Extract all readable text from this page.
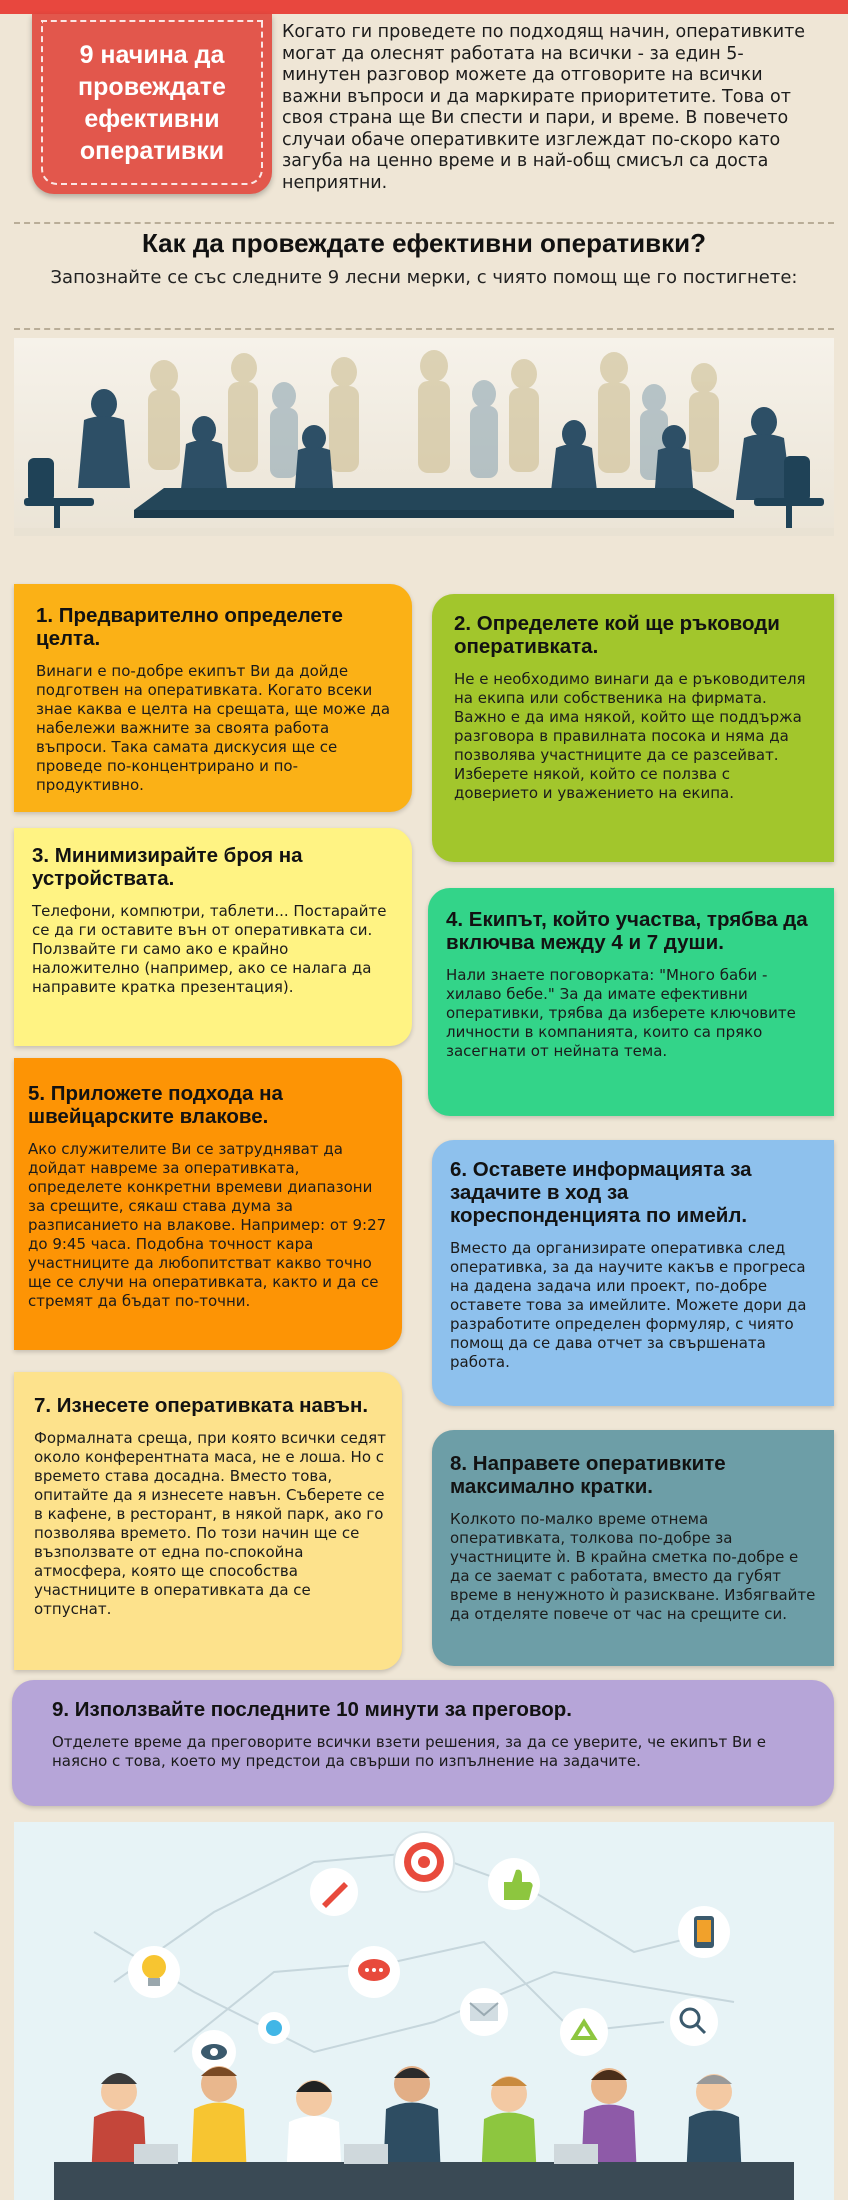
9 начина да провеждате ефективни оперативки
Когато ги проведете по подходящ начин, оперативките могат да олеснят работата на всички - за един 5-минутен разговор можете да отговорите на всички важни въпроси и да маркирате приоритетите. Това от своя страна ще Ви спести и пари, и време. В повечето случаи обаче оперативките изглеждат по-скоро като загуба на ценно време и в най-общ смисъл са доста неприятни.
Как да провеждате ефективни оперативки?
Запознайте се със следните 9 лесни мерки, с чиято помощ ще го постигнете:
1. Предварително определете целта.
Винаги е по-добре екипът Ви да дойде подготвен на оперативката. Когато всеки знае каква е целта на срещата, ще може да набележи важните за своята работа въпроси. Така самата дискусия ще се проведе по-концентрирано и по-продуктивно.
2. Определете кой ще ръководи оперативката.
Не е необходимо винаги да е ръководителя на екипа или собственика на фирмата. Важно е да има някой, който ще поддържа разговора в правилната посока и няма да позволява участниците да се разсейват. Изберете някой, който се ползва с доверието и уважението на екипа.
3. Минимизирайте броя на устройствата.
Телефони, компютри, таблети... Постарайте се да ги оставите вън от оперативката си. Ползвайте ги само ако е крайно наложително (например, ако се налага да направите кратка презентация).
4. Екипът, който участва, трябва да включва между 4 и 7 души.
Нали знаете поговорката: "Много баби - хилаво бебе." За да имате ефективни оперативки, трябва да изберете ключовите личности в компанията, които са пряко засегнати от нейната тема.
5. Приложете подхода на швейцарските влакове.
Ако служителите Ви се затрудняват да дойдат навреме за оперативката, определете конкретни времеви диапазони за срещите, сякаш става дума за разписанието на влакове. Например: от 9:27 до 9:45 часа. Подобна точност кара участниците да любопитстват какво точно ще се случи на оперативката, както и да се стремят да бъдат по-точни.
6. Оставете информацията за задачите в ход за кореспонденцията по имейл.
Вместо да организирате оперативка след оперативка, за да научите какъв е прогреса на дадена задача или проект, по-добре оставете това за имейлите. Можете дори да разработите определен формуляр, с чиято помощ да се дава отчет за свършената работа.
7. Изнесете оперативката навън.
Формалната среща, при която всички седят около конферентната маса, не е лоша. Но с времето става досадна. Вместо това, опитайте да я изнесете навън. Съберете се в кафене, в ресторант, в някой парк, ако го позволява времето. По този начин ще се възползвате от една по-спокойна атмосфера, която ще способства участниците в оперативката да се отпуснат.
8. Направете оперативките максимално кратки.
Колкото по-малко време отнема оперативката, толкова по-добре за участниците ѝ. В крайна сметка по-добре е да се заемат с работата, вместо да губят време в ненужното ѝ разискване. Избягвайте да отделяте повече от час на срещите си.
9. Използвайте последните 10 минути за преговор.
Отделете време да преговорите всички взети решения, за да се уверите, че екипът Ви е наясно с това, което му предстои да свърши по изпълнение на задачите.
